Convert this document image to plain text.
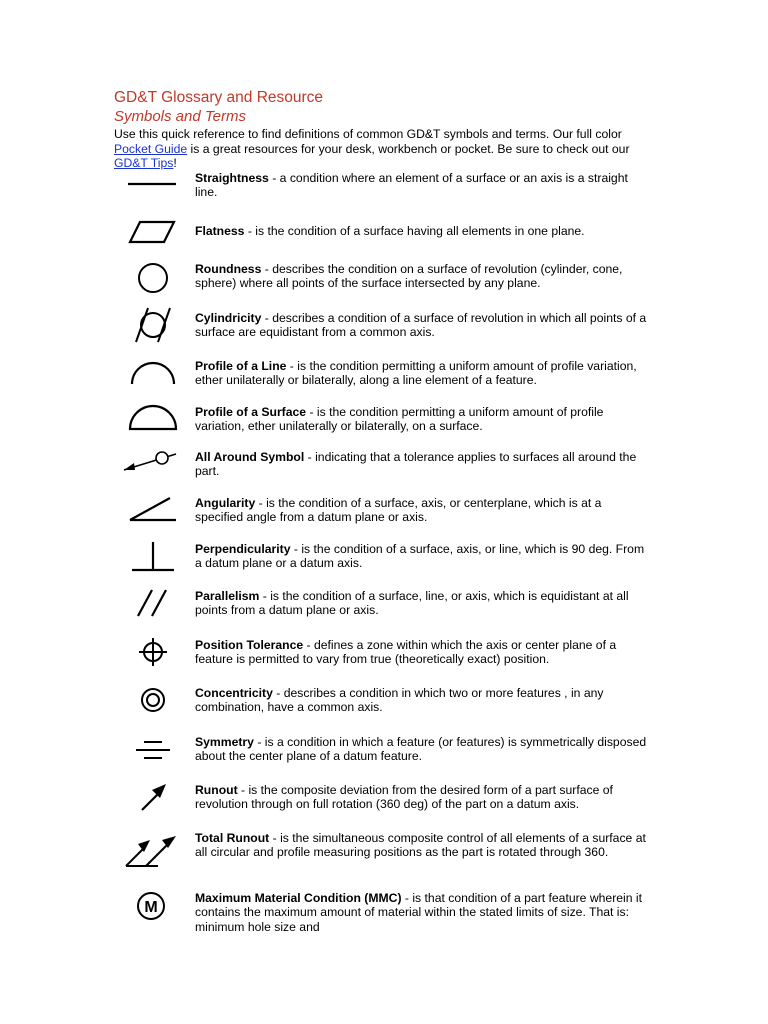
GD&T Glossary and Resource
Symbols and Terms
Use this quick reference to find definitions of common GD&T symbols and terms. Our full color Pocket Guide is a great resources for your desk, workbench or pocket. Be sure to check out our GD&T Tips!
Straightness - a condition where an element of a surface or an axis is a straight line.
Flatness - is the condition of a surface having all elements in one plane.
Roundness - describes the condition on a surface of revolution (cylinder, cone, sphere) where all points of the surface intersected by any plane.
Cylindricity - describes a condition of a surface of revolution in which all points of a surface are equidistant from a common axis.
Profile of a Line - is the condition permitting a uniform amount of profile variation, ether unilaterally or bilaterally, along a line element of a feature.
Profile of a Surface - is the condition permitting a uniform amount of profile variation, ether unilaterally or bilaterally, on a surface.
All Around Symbol - indicating that a tolerance applies to surfaces all around the part.
Angularity - is the condition of a surface, axis, or centerplane, which is at a specified angle from a datum plane or axis.
Perpendicularity - is the condition of a surface, axis, or line, which is 90 deg. From a datum plane or a datum axis.
Parallelism - is the condition of a surface, line, or axis, which is equidistant at all points from a datum plane or axis.
Position Tolerance - defines a zone within which the axis or center plane of a feature is permitted to vary from true (theoretically exact) position.
Concentricity - describes a condition in which two or more features , in any combination, have a common axis.
Symmetry - is a condition in which a feature (or features) is symmetrically disposed about the center plane of a datum feature.
Runout - is the composite deviation from the desired form of a part surface of revolution through on full rotation (360 deg) of the part on a datum axis.
Total Runout - is the simultaneous composite control of all elements of a surface at all circular and profile measuring positions as the part is rotated through 360.
M
Maximum Material Condition (MMC) - is that condition of a part feature wherein it contains the maximum amount of material within the stated limits of size. That is: minimum hole size and
